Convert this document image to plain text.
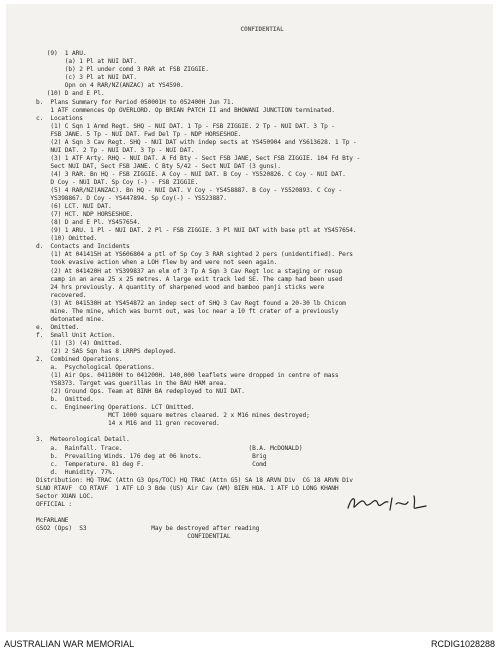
CONFIDENTIAL

(9)  1 ARU.
(a) 1 Pl at NUI DAT.
(b) 2 Pl under comd 3 RAR at FSB ZIGGIE.
(c) 3 Pl at NUI DAT.
Opn on 4 RAR/NZ(ANZAC) at YS4590.
(10) D and E Pl.
b.  Plans Summary for Period 050001H to 052400H Jun 71.
1 ATF commences Op OVERLORD. Op BRIAN PATCH II and BHOWANI JUNCTION terminated.
c.  Locations
(1) C Sqn 1 Armd Regt. SHQ - NUI DAT. 1 Tp - FSB ZIGGIE. 2 Tp - NUI DAT. 3 Tp -
FSB JANE. 5 Tp - NUI DAT. Fwd Del Tp - NDP HORSESHOE.
(2) A Sqn 3 Cav Regt. SHQ - NUI DAT with indep sects at YS450904 and YS613628. 1 Tp -
NUI DAT. 2 Tp - NUI DAT. 3 Tp - NUI DAT.
(3) 1 ATF Arty. RHQ - NUI DAT. A Fd Bty - Sect FSB JANE, Sect FSB ZIGGIE. 104 Fd Bty -
Sect NUI DAT, Sect FSB JANE. C Bty 5/42 - Sect NUI DAT (3 guns).
(4) 3 RAR. Bn HQ - FSB ZIGGIE. A Coy - NUI DAT. B Coy - YS520826. C Coy - NUI DAT.
D Coy - NUI DAT. Sp Coy (-) - FSB ZIGGIE.
(5) 4 RAR/NZ(ANZAC). Bn HQ - NUI DAT. V Coy - YS458887. B Coy - YS520893. C Coy -
YS398867. D Coy - YS447894. Sp Coy(-) - YS523887.
(6) LCT. NUI DAT.
(7) HCT. NDP HORSESHOE.
(8) D and E Pl. YS457654.
(9) 1 ARU. 1 Pl - NUI DAT. 2 Pl - FSB ZIGGIE. 3 Pl NUI DAT with base ptl at YS457654.
(10) Omitted.
d.  Contacts and Incidents
(1) At 041415H at YS606804 a ptl of Sp Coy 3 RAR sighted 2 pers (unidentified). Pers
took evasive action when a LOH flew by and were not seen again.
(2) At 041420H at YS399837 an elm of 3 Tp A Sqn 3 Cav Regt loc a staging or resup
camp in an area 25 x 25 metres. A large exit track led SE. The camp had been used
24 hrs previously. A quantity of sharpened wood and bamboo panji sticks were
recovered.
(3) At 041530H at YS454872 an indep sect of SHQ 3 Cav Regt found a 20-30 lb Chicom
mine. The mine, which was burnt out, was loc near a 10 ft crater of a previously
detonated mine.
e.  Omitted.
f.  Small Unit Action.
(1) (3) (4) Omitted.
(2) 2 SAS Sqn has 8 LRRPS deployed.
2.  Combined Operations.
a.  Psychological Operations.
(1) Air Ops. 041100H to 041200H. 140,000 leaflets were dropped in centre of mass
YS8373. Target was guerillas in the BAU HAM area.
(2) Ground Ops. Team at BINH BA redeployed to NUI DAT.
b.  Omitted.
c.  Engineering Operations. LCT Omitted.
MCT 1000 square metres cleared. 2 x M16 mines destroyed;
14 x M16 and 11 gren recovered.
3.  Meteorological Detail.
a.  Rainfall. Trace.                                   (B.A. McDONALD)
b.  Prevailing Winds. 176 deg at 06 knots.              Brig
c.  Temperature. 81 deg F.                              Comd
d.  Humidity. 77%.
Distribution: HQ TRAC (Attn G3 Ops/TOC) HQ TRAC (Attn G5) SA 18 ARVN Div  CG 18 ARVN Div
SLNO RTAVF  CO RTAVF  1 ATF LO 3 Bde (US) Air Cav (AM) BIEN HOA. 1 ATF LO LONG KHANH
Sector XUAN LOC.
OFFICIAL :
McFARLANE
GSO2 (Ops)  S3                  May be destroyed after reading
CONFIDENTIAL

AUSTRALIAN WAR MEMORIAL	RCDIG1028288
